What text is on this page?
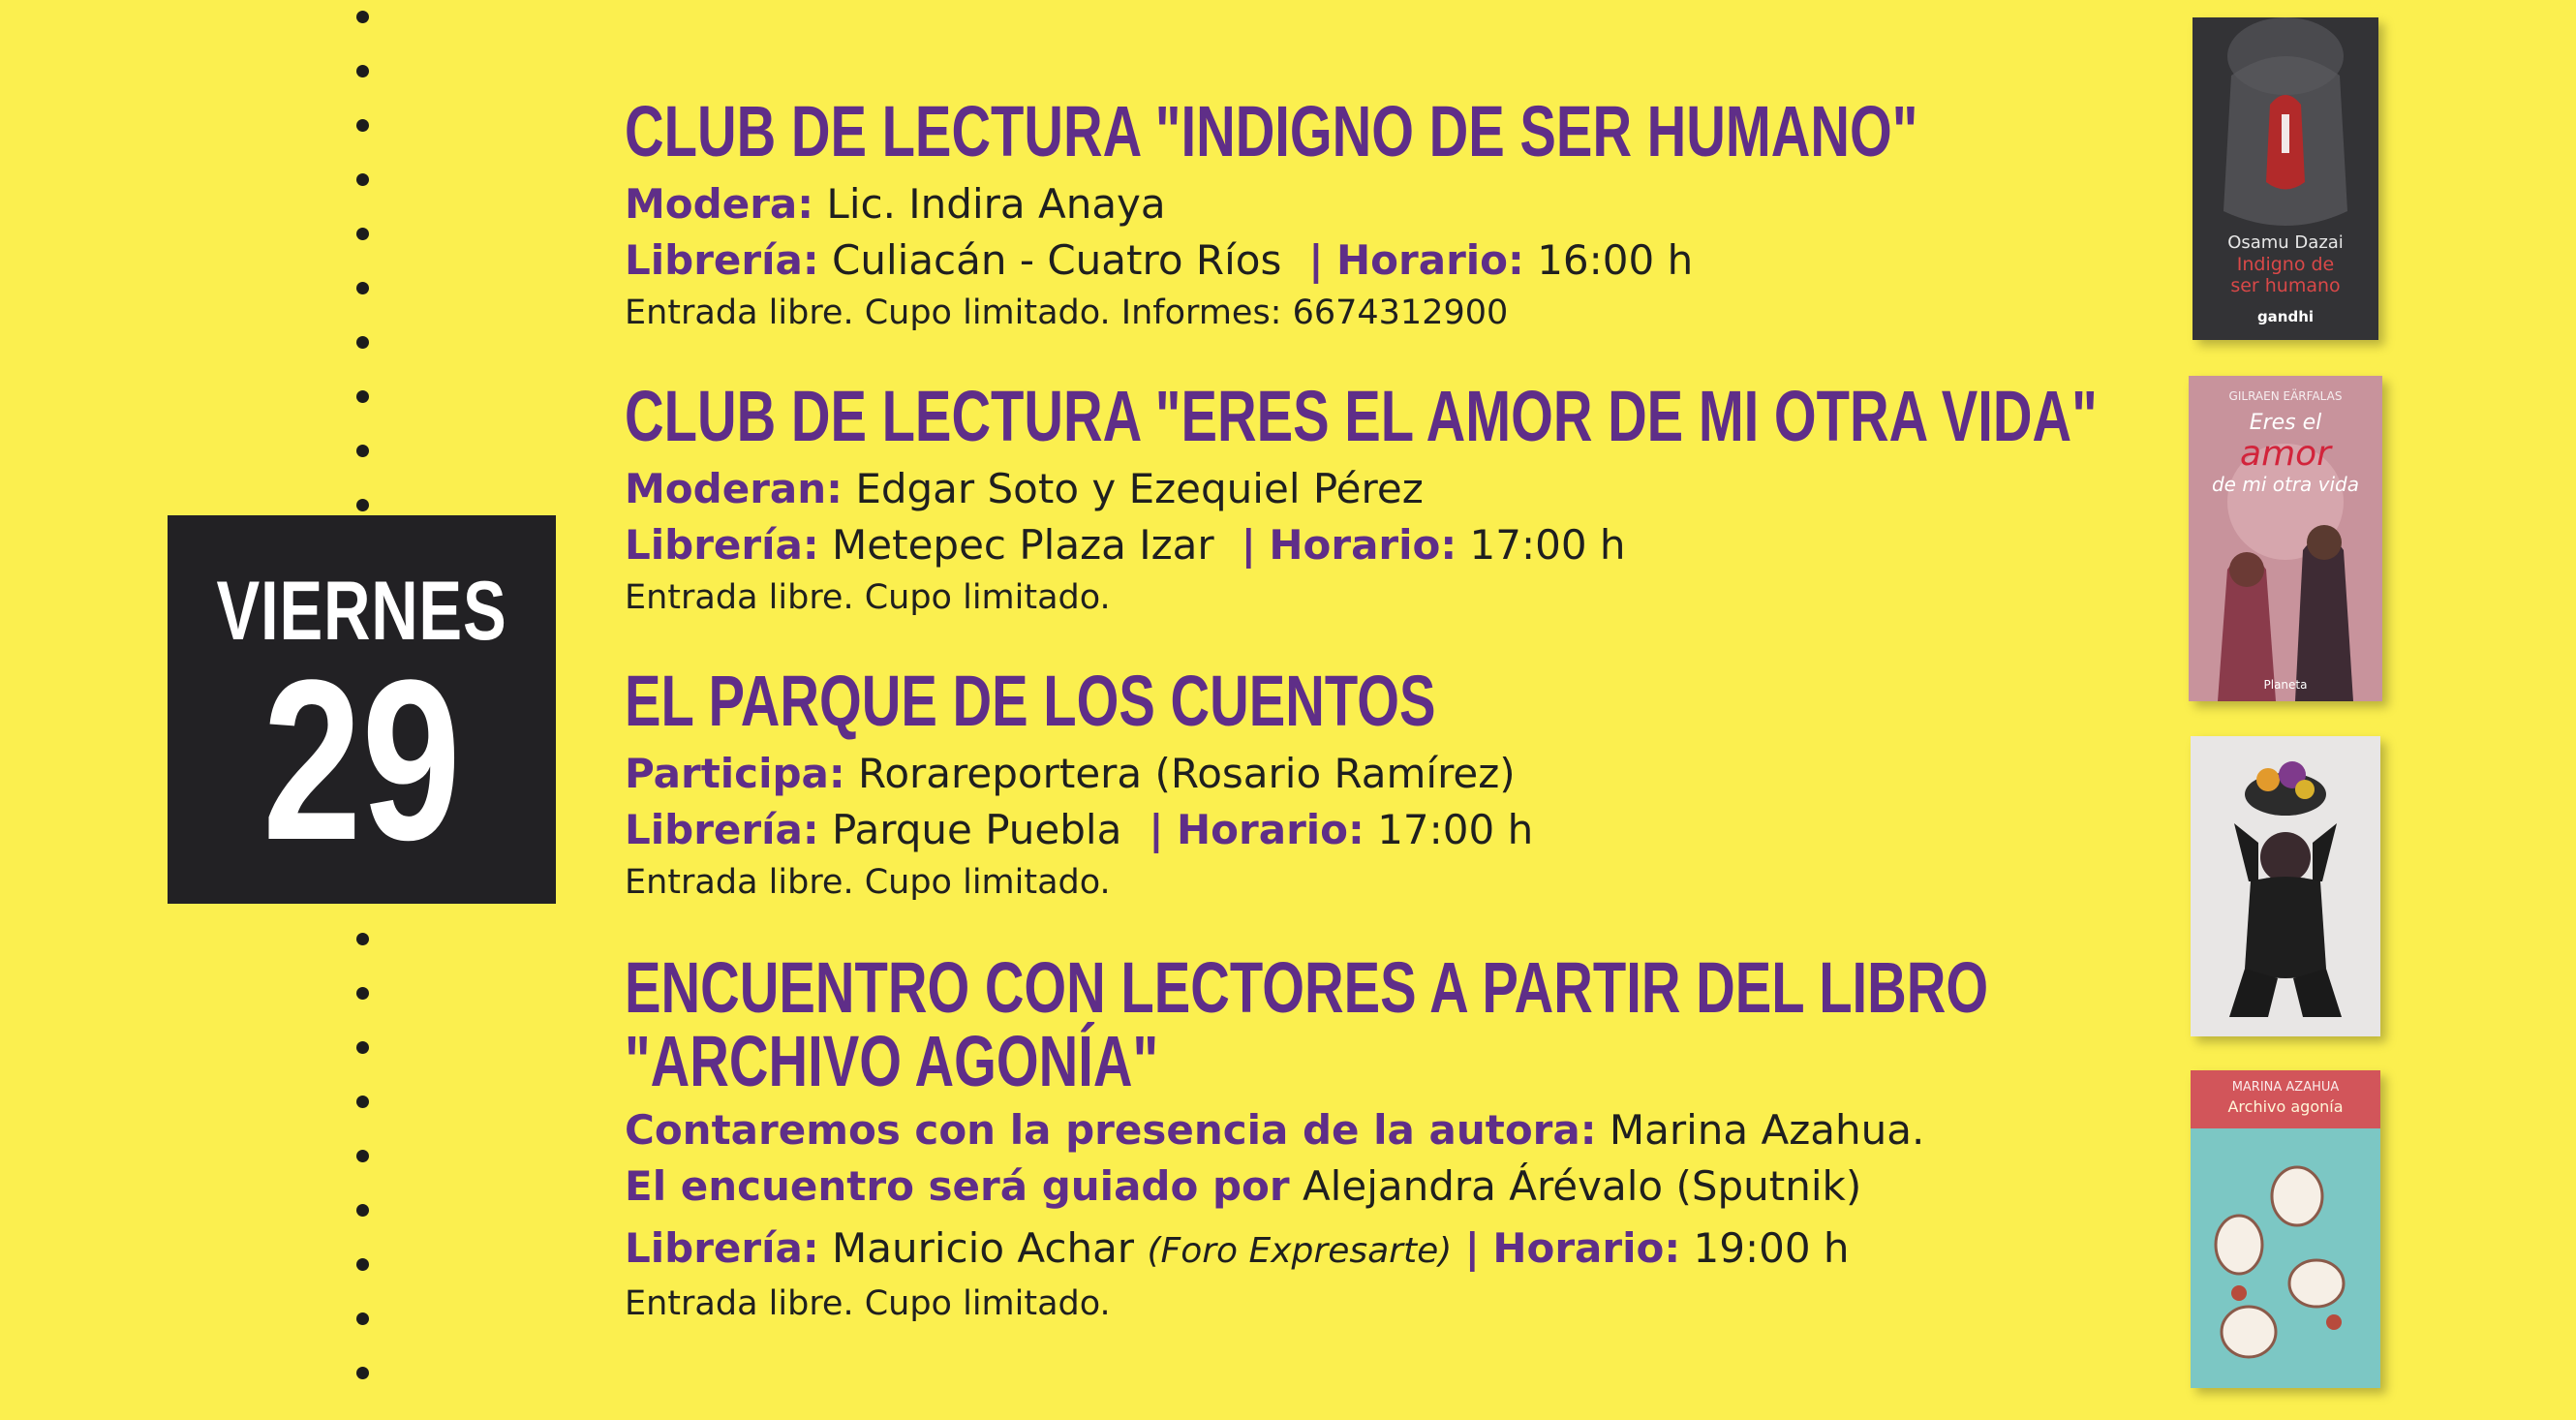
VIERNES
29
CLUB DE LECTURA "INDIGNO DE SER HUMANO"
Modera: Lic. Indira Anaya
Librería: Culiacán - Cuatro Ríos  | Horario: 16:00 h
Entrada libre. Cupo limitado. Informes: 6674312900
CLUB DE LECTURA "ERES EL AMOR DE MI OTRA VIDA"
Moderan: Edgar Soto y Ezequiel Pérez
Librería: Metepec Plaza Izar  | Horario: 17:00 h
Entrada libre. Cupo limitado.
EL PARQUE DE LOS CUENTOS
Participa: Rorareportera (Rosario Ramírez)
Librería: Parque Puebla  | Horario: 17:00 h
Entrada libre. Cupo limitado.
ENCUENTRO CON LECTORES A PARTIR DEL LIBRO
"ARCHIVO AGONÍA"
Contaremos con la presencia de la autora: Marina Azahua.
El encuentro será guiado por Alejandra Árévalo (Sputnik)
Librería: Mauricio Achar (Foro Expresarte) | Horario: 19:00 h
Entrada libre. Cupo limitado.
Osamu Dazai
Indigno de
ser humano
gandhi
GILRAEN EÄRFALAS
Eres el
amor
de mi otra vida
Planeta
MARINA AZAHUA
Archivo agonía
